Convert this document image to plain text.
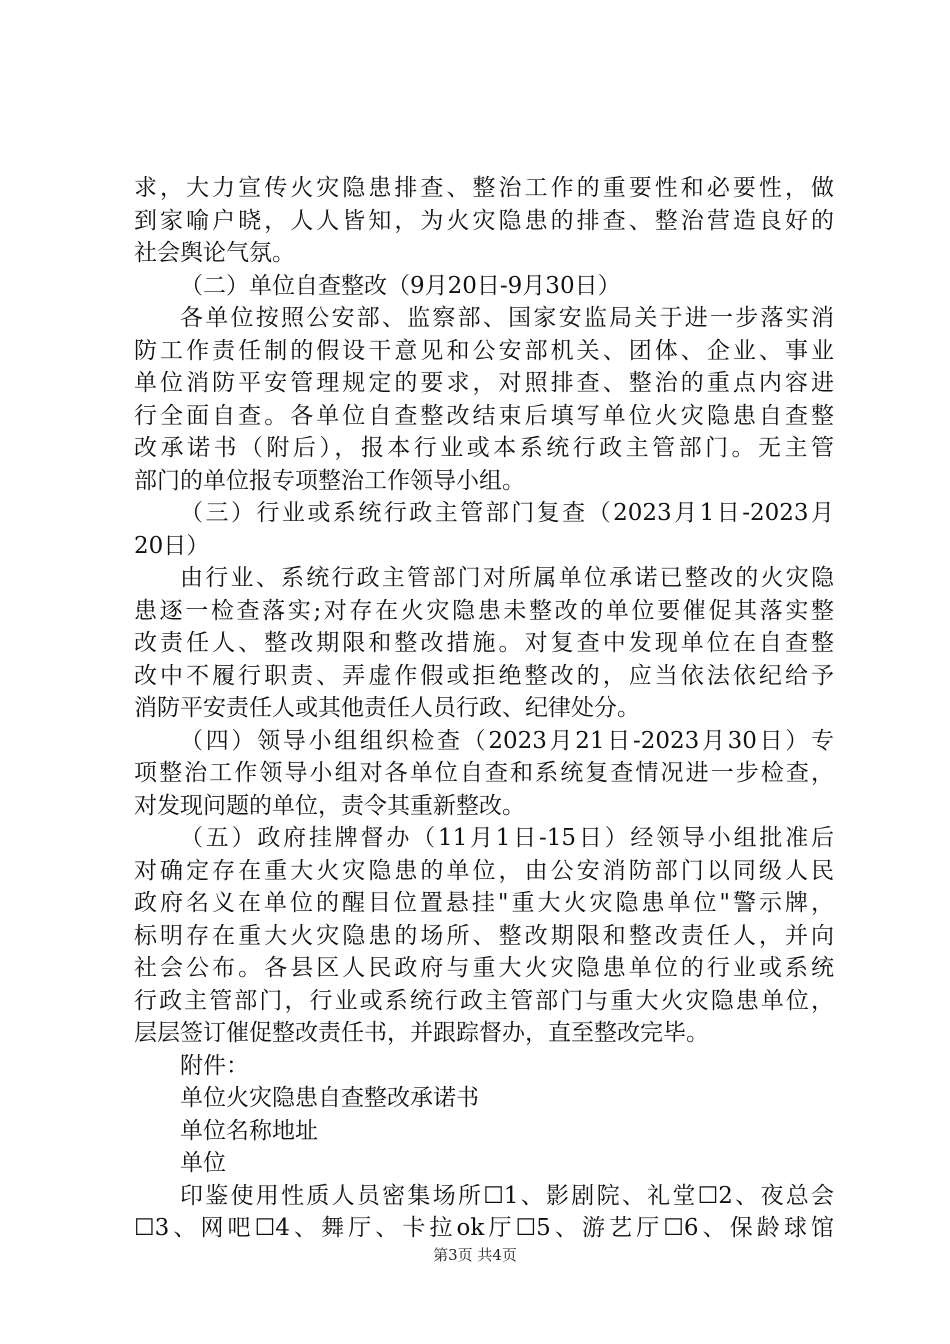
求，大力宣传火灾隐患排查、整治工作的重要性和必要性，做
到家喻户晓，人人皆知，为火灾隐患的排查、整治营造良好的
社会舆论气氛。
（二）单位自查整改（9月20日-9月30日）
各单位按照公安部、监察部、国家安监局关于进一步落实消
防工作责任制的假设干意见和公安部机关、团体、企业、事业
单位消防平安管理规定的要求，对照排查、整治的重点内容进
行全面自查。各单位自查整改结束后填写单位火灾隐患自查整
改承诺书（附后），报本行业或本系统行政主管部门。无主管
部门的单位报专项整治工作领导小组。
（三）行业或系统行政主管部门复查（2023月1日-2023月
20日）
由行业、系统行政主管部门对所属单位承诺已整改的火灾隐
患逐一检查落实;对存在火灾隐患未整改的单位要催促其落实整
改责任人、整改期限和整改措施。对复查中发现单位在自查整
改中不履行职责、弄虚作假或拒绝整改的，应当依法依纪给予
消防平安责任人或其他责任人员行政、纪律处分。
（四）领导小组组织检查（2023月21日-2023月30日）专
项整治工作领导小组对各单位自查和系统复查情况进一步检查，
对发现问题的单位，责令其重新整改。
（五）政府挂牌督办（11月1日-15日）经领导小组批准后
对确定存在重大火灾隐患的单位，由公安消防部门以同级人民
政府名义在单位的醒目位置悬挂"重大火灾隐患单位"警示牌，
标明存在重大火灾隐患的场所、整改期限和整改责任人，并向
社会公布。各县区人民政府与重大火灾隐患单位的行业或系统
行政主管部门，行业或系统行政主管部门与重大火灾隐患单位，
层层签订催促整改责任书，并跟踪督办，直至整改完毕。
附件：
单位火灾隐患自查整改承诺书
单位名称地址
单位
印鉴使用性质人员密集场所☐1、影剧院、礼堂☐2、夜总会
☐3、网吧☐4、舞厅、卡拉ok厅☐5、游艺厅☐6、保龄球馆
第3页 共4页
